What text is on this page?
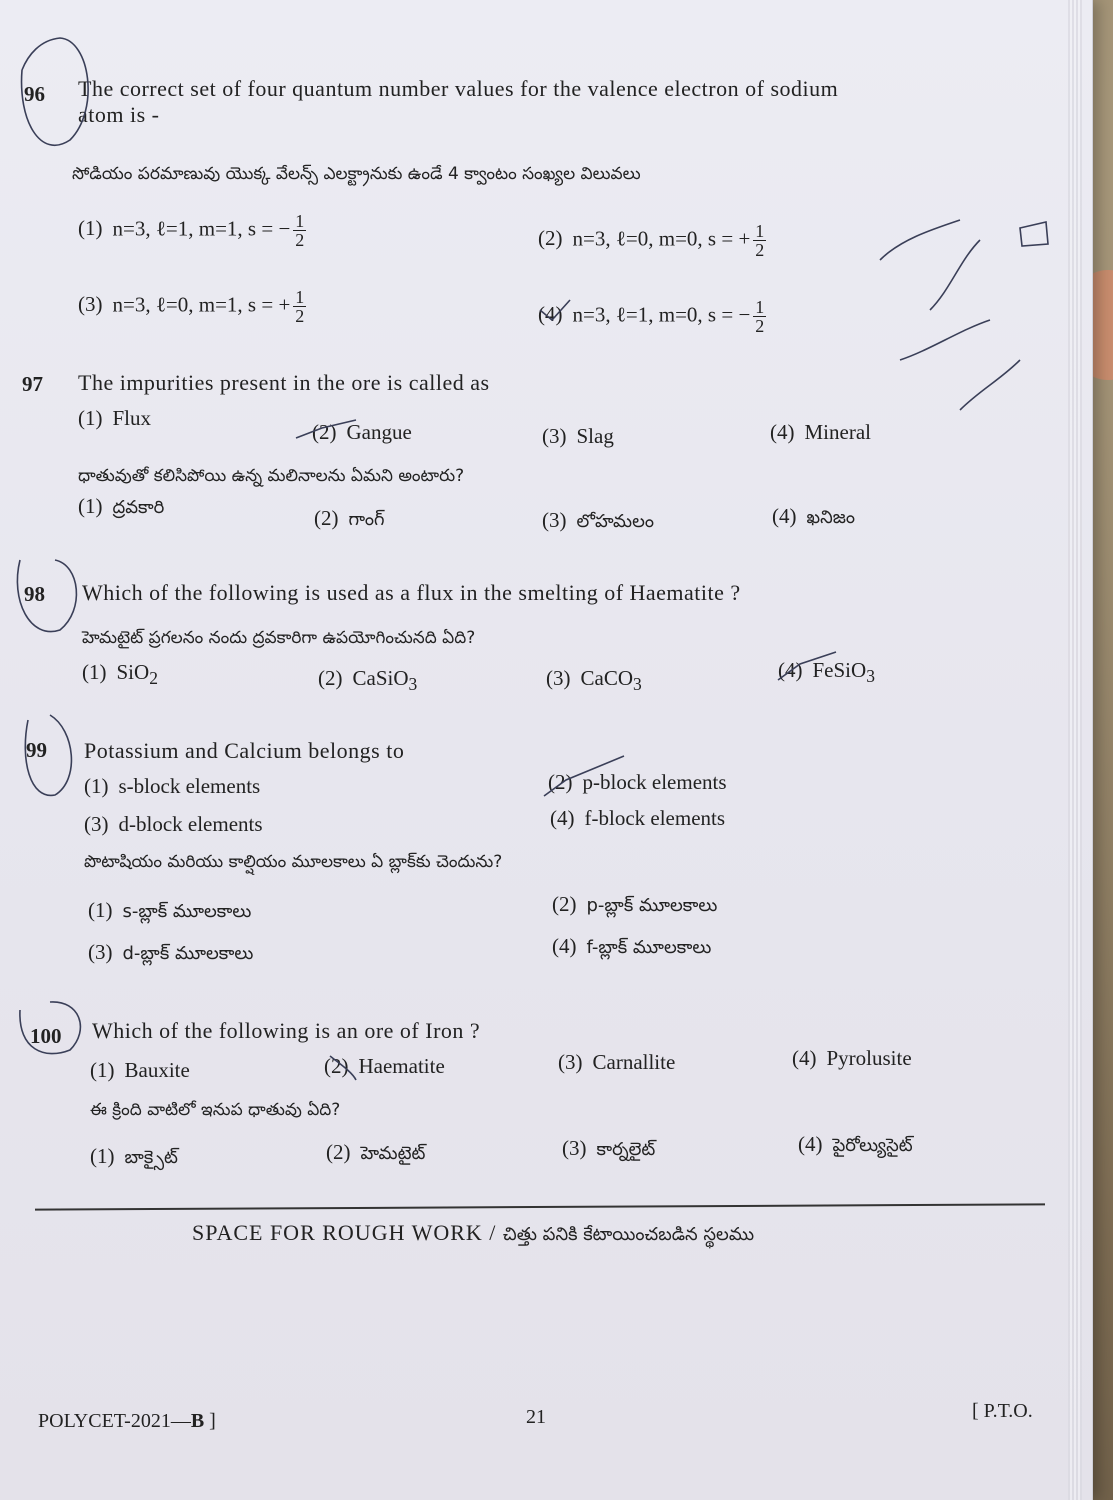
96 The correct set of four quantum number values for the valence electron of sodium
atom is -
సోడియం పరమాణువు యొక్క వేలన్స్ ఎలక్ట్రానుకు ఉండే 4 క్వాంటం సంఖ్యల విలువలు
(1) n=3, ℓ=1, m=1, s = − $\frac{1}{2}$	(2) n=3, ℓ=0, m=0, s = + $\frac{1}{2}$
(3) n=3, ℓ=0, m=1, s = + $\frac{1}{2}$	(4) n=3, ℓ=1, m=0, s = − $\frac{1}{2}$
97 The impurities present in the ore is called as
(1) Flux
(2) Gangue	(3) Slag	(4) Mineral
ధాతువుతో కలిసిపోయి ఉన్న మలినాలను ఏమని అంటారు?
(1) ద్రవకారి	(2) గాంగ్	(3) లోహమలం	(4) ఖనిజం
98 Which of the following is used as a flux in the smelting of Haematite ?
హెమటైట్ ప్రగలనం నందు ద్రవకారిగా ఉపయోగించునది ఏది?
(1) SiO$_2$	(2) CaSiO$_3$	(3) CaCO$_3$
(4) FeSiO$_3$
99 Potassium and Calcium belongs to
(1) s-block elements	(2) p-block elements
(3) d-block elements	(4) f-block elements
పొటాషియం మరియు కాల్షియం మూలకాలు ఏ బ్లాక్‌కు చెందును?
(1) s-బ్లాక్ మూలకాలు	(2) p-బ్లాక్ మూలకాలు
(3) d-బ్లాక్ మూలకాలు	(4) f-బ్లాక్ మూలకాలు
100 Which of the following is an ore of Iron ?
(1) Bauxite	(2) Haematite	(3) Carnallite	(4) Pyrolusite
ఈ క్రింది వాటిలో ఇనుప ధాతువు ఏది?
(1) బాక్సైట్	(2) హెమటైట్	(3) కార్నలైట్	(4) పైరోల్యుసైట్
SPACE FOR ROUGH WORK / చిత్తు పనికి కేటాయించబడిన స్థలము
POLYCET-2021—B ]	21	[ P.T.O.
